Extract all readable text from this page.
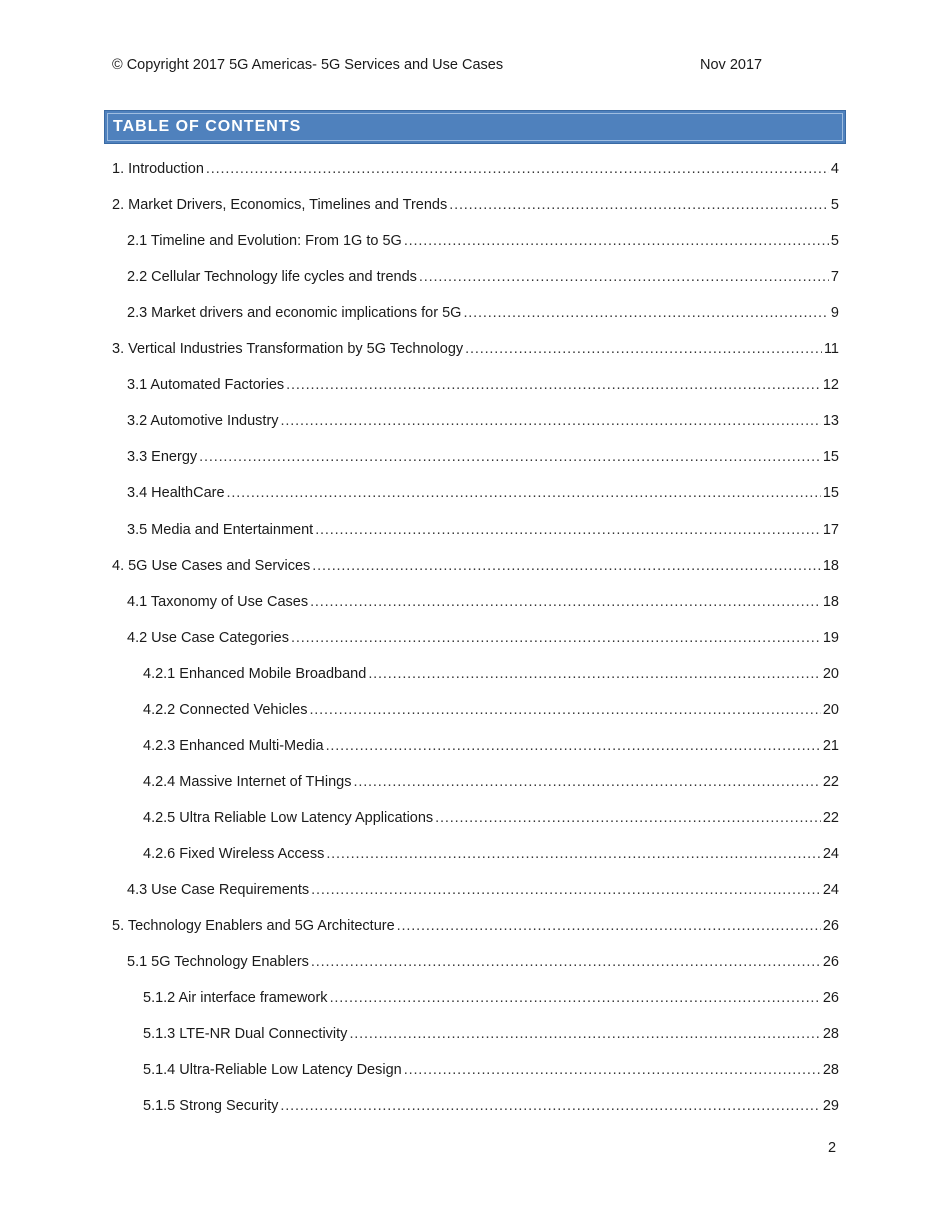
© Copyright 2017 5G Americas- 5G Services and Use Cases	Nov 2017
TABLE OF CONTENTS
1. Introduction . . .	4
2. Market Drivers, Economics, Timelines and Trends . . .	5
2.1 Timeline and Evolution: From 1G to 5G . . .	5
2.2 Cellular Technology life cycles and trends . . .	7
2.3 Market drivers and economic implications for 5G . . .	9
3. Vertical Industries Transformation by 5G Technology . . .	11
3.1 Automated Factories . . .	12
3.2 Automotive Industry . . .	13
3.3 Energy . . .	15
3.4 HealthCare . . .	15
3.5 Media and Entertainment . . .	17
4. 5G Use Cases and Services . . .	18
4.1 Taxonomy of Use Cases . . .	18
4.2 Use Case Categories . . .	19
4.2.1 Enhanced Mobile Broadband . . .	20
4.2.2 Connected Vehicles . . .	20
4.2.3 Enhanced Multi-Media . . .	21
4.2.4 Massive Internet of THings . . .	22
4.2.5 Ultra Reliable Low Latency Applications . . .	22
4.2.6 Fixed Wireless Access . . .	24
4.3 Use Case Requirements . . .	24
5. Technology Enablers and 5G Architecture . . .	26
5.1 5G Technology Enablers . . .	26
5.1.2 Air interface framework . . .	26
5.1.3 LTE-NR Dual Connectivity . . .	28
5.1.4 Ultra-Reliable Low Latency Design . . .	28
5.1.5 Strong Security . . .	29
2
